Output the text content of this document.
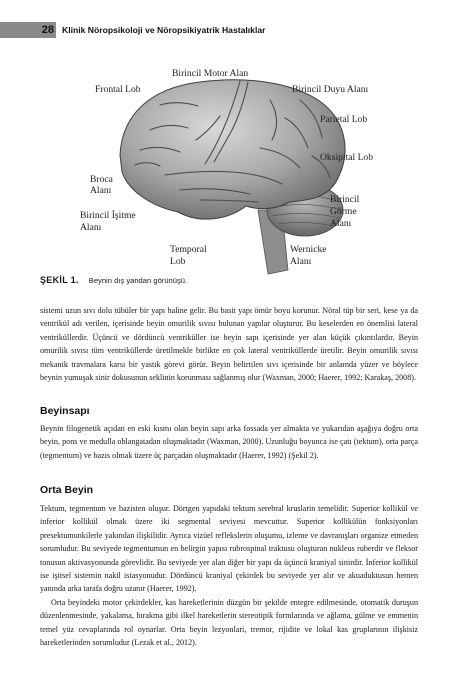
28 Klinik Nöropsikoloji ve Nöropsikiyatrik Hastalıklar
Birincil Motor Alan
Frontal Lob	Birincil Duyu Alanı
Parietal Lob
Oksipital Lob
Broca
Alanı
Birincil
Görme
Alanı
Birincil İşitme
Alanı
Temporal
Lob
Wernicke
Alanı
ŞEKİL 1. Beynin dış yandan görünüşü.

sistemi uzun sıvı dolu tübüler bir yapı haline gelir. Bu basit yapı ömür boyu korunur. Nöral tüp bir seri, kese ya da ventrikül adı verilen, içerisinde beyin omurilik sıvısı bulunan yapılar oluşturur. Bu keselerden en önemlisi lateral ventriküllerdir. Üçüncü ve dördüncü ventriküller ise beyin sapı içerisinde yer alan küçük çıkıntılardır. Beyin omurilik sıvısı tüm ventriküllerde üretilmekle birlikte en çok lateral ventriküllerde üretilir. Beyin omurilik sıvısı mekanik travmalara karsı bir yastık görevi görür. Beyin belirtilen sıvı içerisinde bir anlamda yüzer ve böylece beynin yumuşak sinir dokusunun seklinin korunması sağlanmış olur (Waxman, 2000; Haerer, 1992; Karakaş, 2008).

Beyinsapı

Beynin filogenetik açıdan en eski kısmı olan beyin sapı arka fossada yer almakta ve yukarıdan aşağıya doğru orta beyin, pons ve medulla oblangatadan oluşmaktadır (Waxman, 2000). Uzunluğu boyunca ise çatı (tektum), orta parça (tegmentum) ve bazis olmak üzere üç parçadan oluşmaktadır (Haerer, 1992) (Şekil 2).

Orta Beyin

Tektum, tegmentum ve bazisten oluşur. Dörtgen yapıdaki tektum serebral kruslarin temelidir. Superior kollikül ve inferior kollikül olmak üzere iki segmental seviyesi mevcuttur. Superior kollikülün fonksiyonları presektumunkilerle yakından ilişkilidir. Ayrıca vizüel reflekslerin oluşumu, izleme ve davranışları organize etmeden sorumludur. Bu seviyede tegmentumun en belirgin yapısı rubrospinal traktusu oluşturan nukleus ruberdir ve fleksor tonusun aktivasyonunda görevlidir. Bu seviyede yer alan diğer bir yapı da üçüncü kraniyal sinirdir. İnferior kollikül ise işitsel sistemin nakil istasyonudur. Dördüncü kraniyal çekirdek bu seviyede yer alır ve akuaduktusun hemen yanında arka tarafa doğru uzanır (Haerer, 1992).

Orta beyindeki motor çekirdekler, kas hareketlerinin düzgün bir şekilde entegre edilmesinde, otomatik duruşun düzenlenmesinde, yakalama, bırakma gibi ilkel hareketlerin stereotipik formlarında ve ağlama, gülme ve emmenin temel yüz cevaplarında rol oynarlar. Orta beyin lezyonlari, tremor, rijidite ve lokal kas gruplarının ilişkisiz hareketlerinden sorumludur (Lezak et al., 2012).
